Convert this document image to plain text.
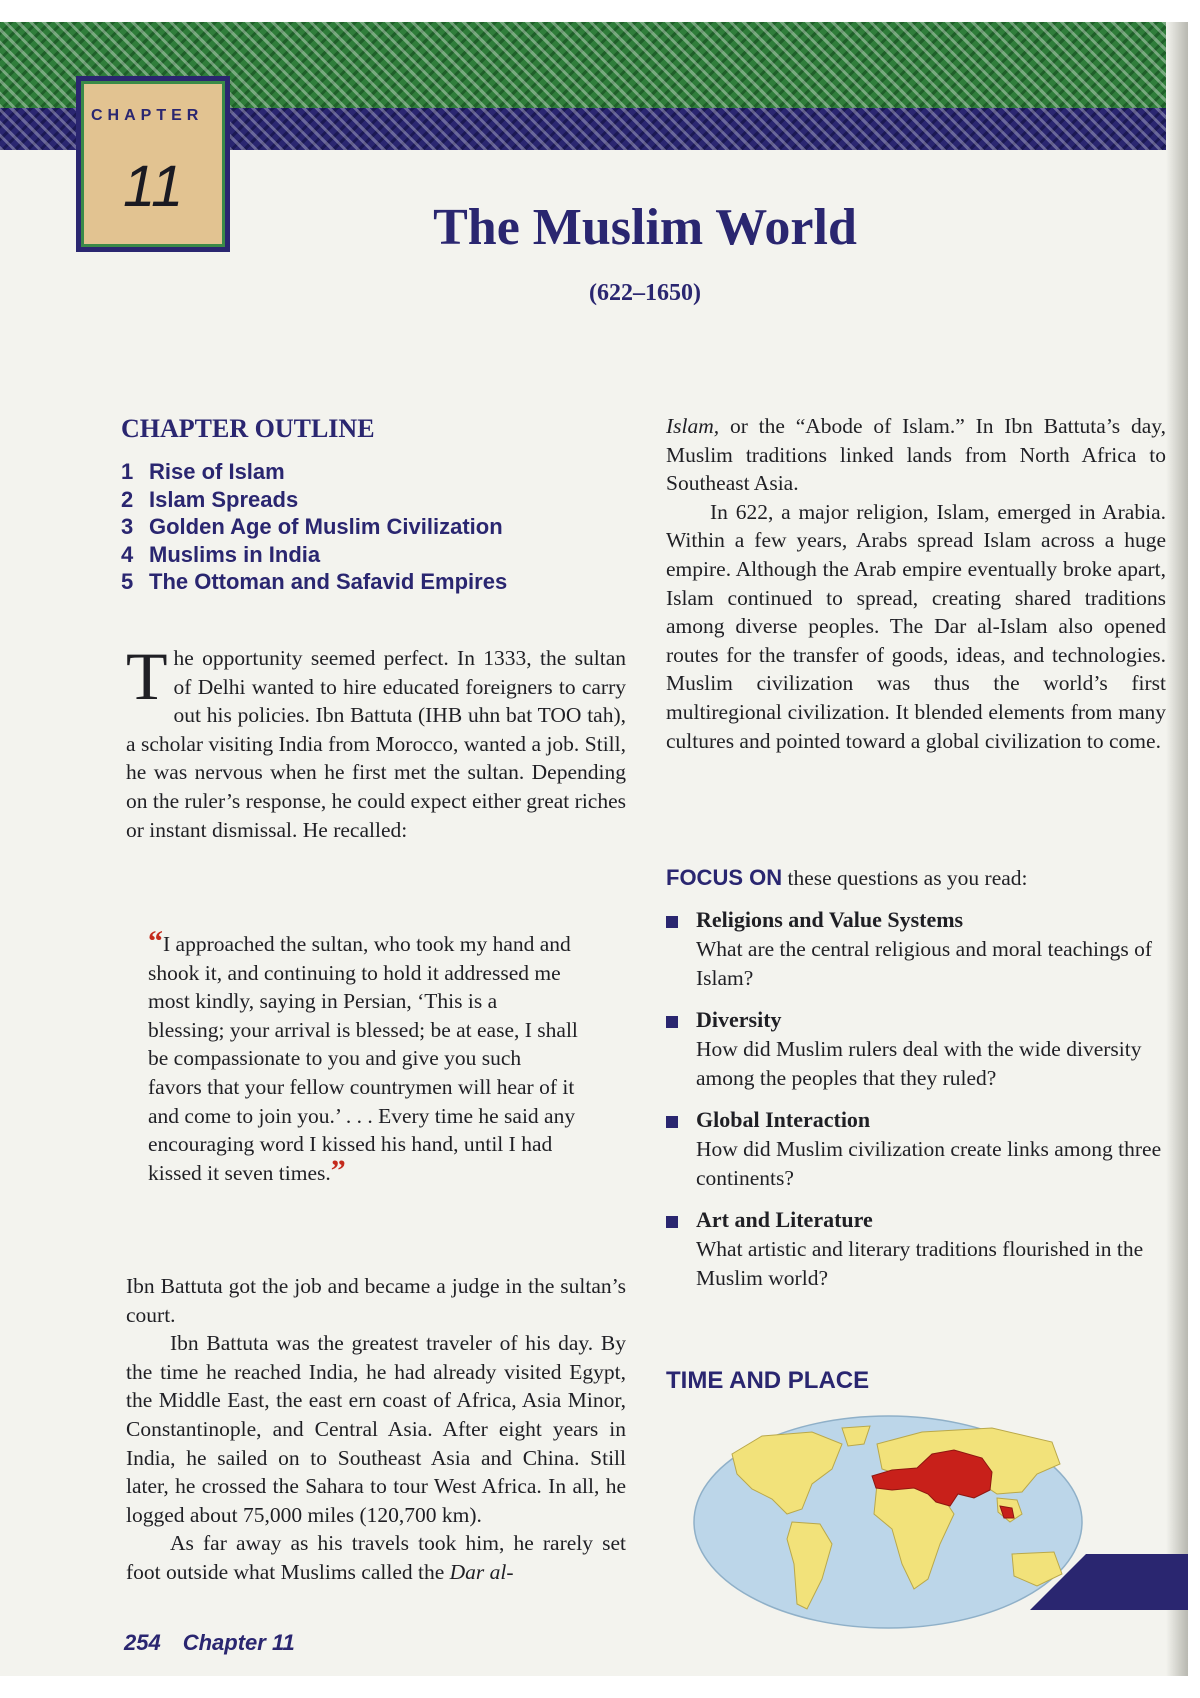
CHAPTER
11
The Muslim World
(622–1650)
CHAPTER OUTLINE
1 Rise of Islam
2 Islam Spreads
3 Golden Age of Muslim Civilization
4 Muslims in India
5 The Ottoman and Safavid Empires

The opportunity seemed perfect. In 1333, the sultan of Delhi wanted to hire educated foreigners to carry out his policies. Ibn Battuta (IHB uhn bat TOO tah), a scholar visiting India from Morocco, wanted a job. Still, he was nervous when he first met the sultan. Depending on the ruler’s response, he could expect either great riches or instant dismissal. He recalled:

“I approached the sultan, who took my hand and shook it, and continuing to hold it addressed me most kindly, saying in Persian, ‘This is a blessing; your arrival is blessed; be at ease, I shall be compassionate to you and give you such favors that your fellow countrymen will hear of it and come to join you.’ . . . Every time he said any encouraging word I kissed his hand, until I had kissed it seven times.”

Ibn Battuta got the job and became a judge in the sultan’s court.

Ibn Battuta was the greatest traveler of his day. By the time he reached India, he had already visited Egypt, the Middle East, the east ern coast of Africa, Asia Minor, Constantinople, and Central Asia. After eight years in India, he sailed on to Southeast Asia and China. Still later, he crossed the Sahara to tour West Africa. In all, he logged about 75,000 miles (120,700 km).

As far away as his travels took him, he rarely set foot outside what Muslims called the Dar al-

254 Chapter 11

Islam, or the “Abode of Islam.” In Ibn Battuta’s day, Muslim traditions linked lands from North Africa to Southeast Asia.

In 622, a major religion, Islam, emerged in Arabia. Within a few years, Arabs spread Islam across a huge empire. Although the Arab empire eventually broke apart, Islam continued to spread, creating shared traditions among diverse peoples. The Dar al-Islam also opened routes for the transfer of goods, ideas, and technologies. Muslim civilization was thus the world’s first multiregional civilization. It blended elements from many cultures and pointed toward a global civilization to come.

FOCUS ON these questions as you read:
Religions and Value Systems
What are the central religious and moral teachings of Islam?
Diversity
How did Muslim rulers deal with the wide diversity among the peoples that they ruled?
Global Interaction
How did Muslim civilization create links among three continents?
Art and Literature
What artistic and literary traditions flourished in the Muslim world?
TIME AND PLACE
